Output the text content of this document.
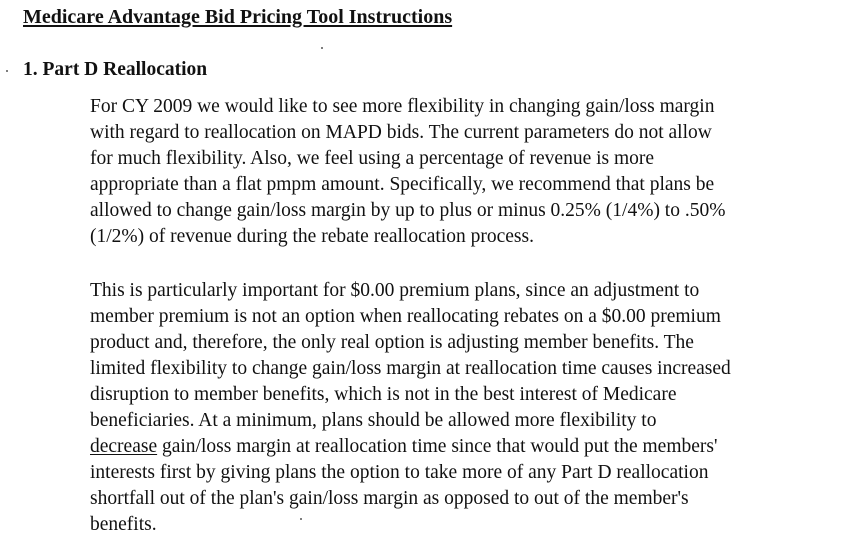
Medicare Advantage Bid Pricing Tool Instructions
1. Part D Reallocation
For CY 2009 we would like to see more flexibility in changing gain/loss margin
with regard to reallocation on MAPD bids. The current parameters do not allow
for much flexibility. Also, we feel using a percentage of revenue is more
appropriate than a flat pmpm amount. Specifically, we recommend that plans be
allowed to change gain/loss margin by up to plus or minus 0.25% (1/4%) to .50%
(1/2%) of revenue during the rebate reallocation process.
This is particularly important for $0.00 premium plans, since an adjustment to
member premium is not an option when reallocating rebates on a $0.00 premium
product and, therefore, the only real option is adjusting member benefits. The
limited flexibility to change gain/loss margin at reallocation time causes increased
disruption to member benefits, which is not in the best interest of Medicare
beneficiaries. At a minimum, plans should be allowed more flexibility to
decrease gain/loss margin at reallocation time since that would put the members'
interests first by giving plans the option to take more of any Part D reallocation
shortfall out of the plan's gain/loss margin as opposed to out of the member's
benefits.
